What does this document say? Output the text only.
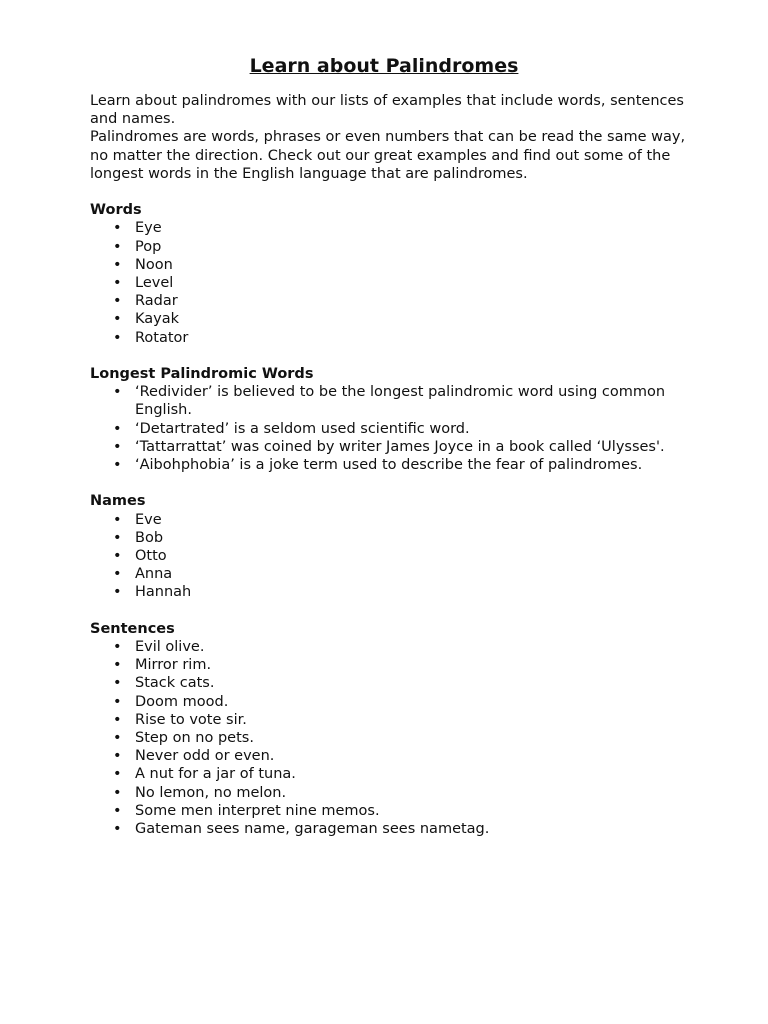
Learn about Palindromes

Learn about palindromes with our lists of examples that include words, sentences and names.

Palindromes are words, phrases or even numbers that can be read the same way, no matter the direction. Check out our great examples and find out some of the longest words in the English language that are palindromes.

Words
• Eye
• Pop
• Noon
• Level
• Radar
• Kayak
• Rotator
Longest Palindromic Words
• ‘Redivider’ is believed to be the longest palindromic word using common English.
• ‘Detartrated’ is a seldom used scientific word.
• ‘Tattarrattat’ was coined by writer James Joyce in a book called ‘Ulysses'.
• ‘Aibohphobia’ is a joke term used to describe the fear of palindromes.
Names
• Eve
• Bob
• Otto
• Anna
• Hannah
Sentences
• Evil olive.
• Mirror rim.
• Stack cats.
• Doom mood.
• Rise to vote sir.
• Step on no pets.
• Never odd or even.
• A nut for a jar of tuna.
• No lemon, no melon.
• Some men interpret nine memos.
• Gateman sees name, garageman sees nametag.
